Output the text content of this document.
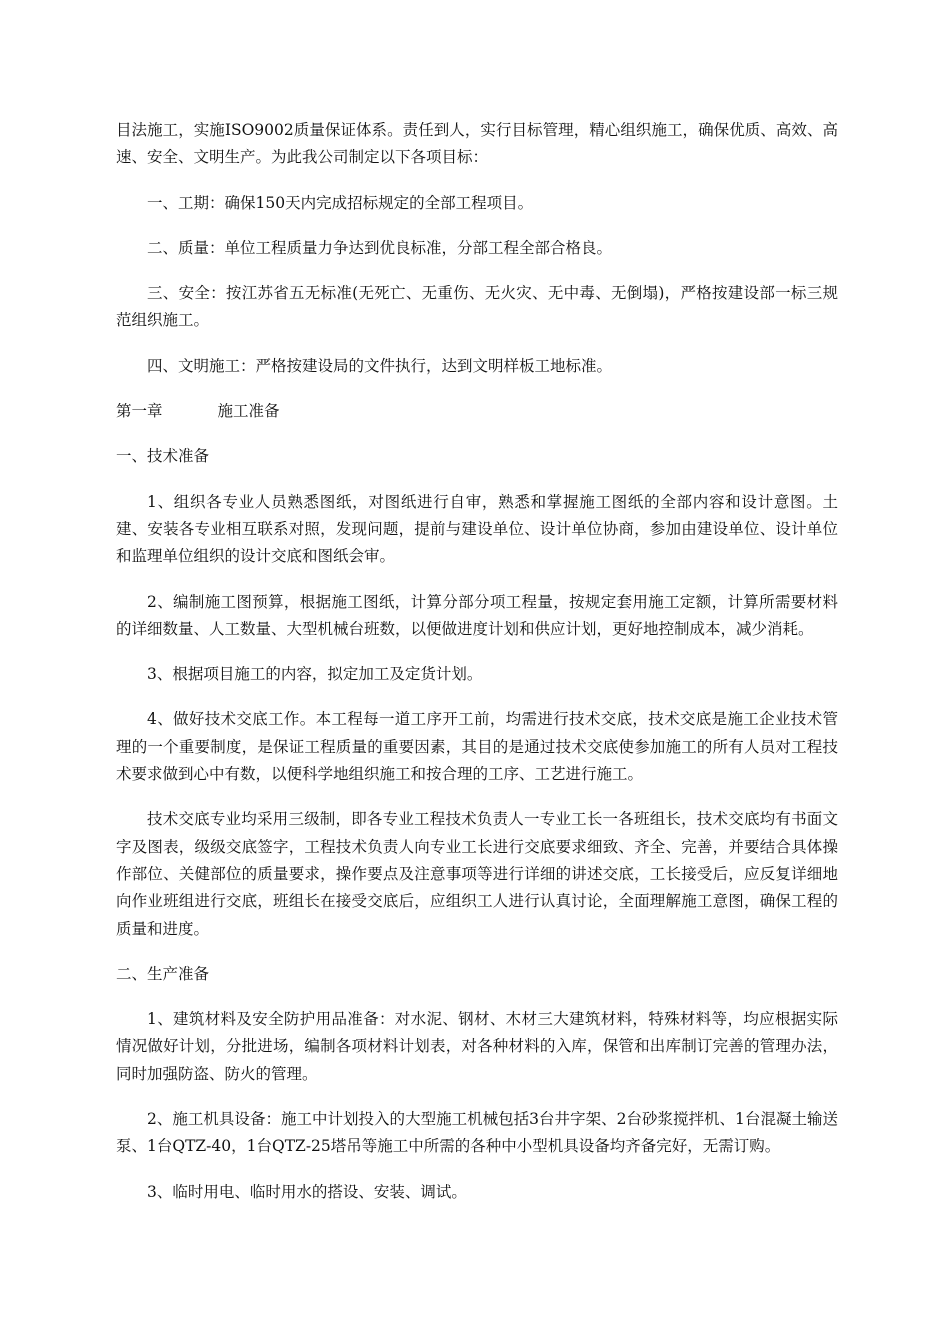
目法施工，实施ISO9002质量保证体系。责任到人，实行目标管理，精心组织施工，确保优质、高效、高速、安全、文明生产。为此我公司制定以下各项目标：

一、工期：确保150天内完成招标规定的全部工程项目。

二、质量：单位工程质量力争达到优良标准，分部工程全部合格良。

三、安全：按江苏省五无标准(无死亡、无重伤、无火灾、无中毒、无倒塌)，严格按建设部一标三规范组织施工。

四、文明施工：严格按建设局的文件执行，达到文明样板工地标准。

第一章	施工准备

一、技术准备

1、组织各专业人员熟悉图纸，对图纸进行自审，熟悉和掌握施工图纸的全部内容和设计意图。土建、安装各专业相互联系对照，发现问题，提前与建设单位、设计单位协商，参加由建设单位、设计单位和监理单位组织的设计交底和图纸会审。

2、编制施工图预算，根据施工图纸，计算分部分项工程量，按规定套用施工定额，计算所需要材料的详细数量、人工数量、大型机械台班数，以便做进度计划和供应计划，更好地控制成本，减少消耗。

3、根据项目施工的内容，拟定加工及定货计划。

4、做好技术交底工作。本工程每一道工序开工前，均需进行技术交底，技术交底是施工企业技术管理的一个重要制度，是保证工程质量的重要因素，其目的是通过技术交底使参加施工的所有人员对工程技术要求做到心中有数，以便科学地组织施工和按合理的工序、工艺进行施工。

技术交底专业均采用三级制，即各专业工程技术负责人一专业工长一各班组长，技术交底均有书面文字及图表，级级交底签字，工程技术负责人向专业工长进行交底要求细致、齐全、完善，并要结合具体操作部位、关健部位的质量要求，操作要点及注意事项等进行详细的讲述交底，工长接受后，应反复详细地向作业班组进行交底，班组长在接受交底后，应组织工人进行认真讨论，全面理解施工意图，确保工程的质量和进度。

二、生产准备

1、建筑材料及安全防护用品准备：对水泥、钢材、木材三大建筑材料，特殊材料等，均应根据实际情况做好计划，分批进场，编制各项材料计划表，对各种材料的入库，保管和出库制订完善的管理办法，同时加强防盗、防火的管理。

2、施工机具设备：施工中计划投入的大型施工机械包括3台井字架、2台砂浆搅拌机、1台混凝土输送泵、1台QTZ-40，1台QTZ-25塔吊等施工中所需的各种中小型机具设备均齐备完好，无需订购。

3、临时用电、临时用水的搭设、安装、调试。
